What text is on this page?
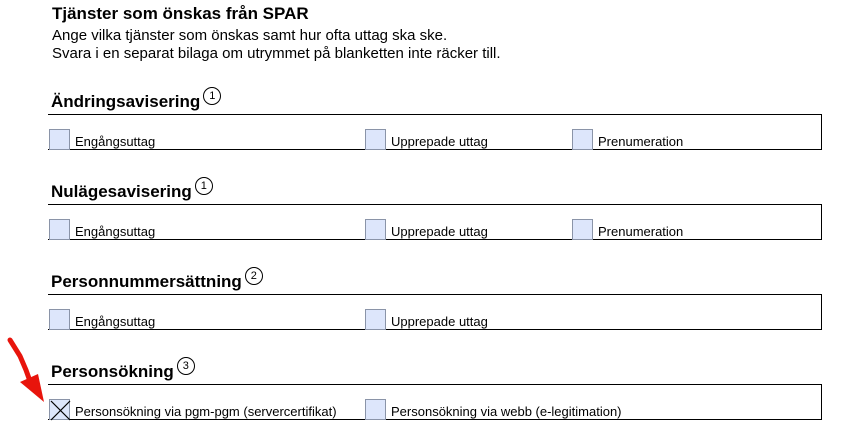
Tjänster som önskas från SPAR
Ange vilka tjänster som önskas samt hur ofta uttag ska ske.
Svara i en separat bilaga om utrymmet på blanketten inte räcker till.
Ändringsavisering 1
Engångsuttag	Upprepade uttag	Prenumeration
Nulägesavisering 1
Engångsuttag	Upprepade uttag	Prenumeration
Personnummersättning 2
Engångsuttag	Upprepade uttag
Personsökning 3
Personsökning via pgm-pgm (servercertifikat)	Personsökning via webb (e-legitimation)
